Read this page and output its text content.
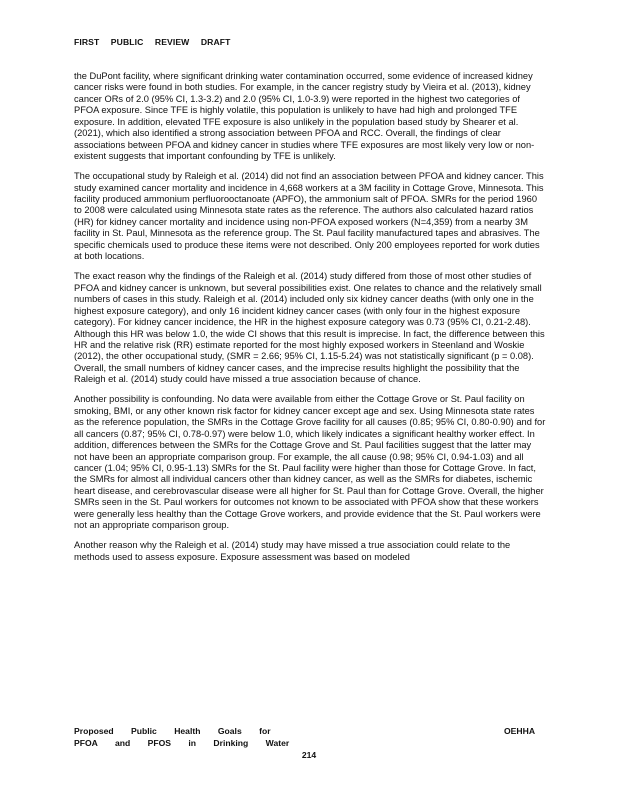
FIRST PUBLIC REVIEW DRAFT

the DuPont facility, where significant drinking water contamination occurred, some evidence of increased kidney cancer risks were found in both studies. For example, in the cancer registry study by Vieira et al. (2013), kidney cancer ORs of 2.0 (95% CI, 1.3-3.2) and 2.0 (95% CI, 1.0-3.9) were reported in the highest two categories of PFOA exposure. Since TFE is highly volatile, this population is unlikely to have had high and prolonged TFE exposure. In addition, elevated TFE exposure is also unlikely in the population based study by Shearer et al. (2021), which also identified a strong association between PFOA and RCC. Overall, the findings of clear associations between PFOA and kidney cancer in studies where TFE exposures are most likely very low or non-existent suggests that important confounding by TFE is unlikely.

The occupational study by Raleigh et al. (2014) did not find an association between PFOA and kidney cancer. This study examined cancer mortality and incidence in 4,668 workers at a 3M facility in Cottage Grove, Minnesota. This facility produced ammonium perfluorooctanoate (APFO), the ammonium salt of PFOA. SMRs for the period 1960 to 2008 were calculated using Minnesota state rates as the reference. The authors also calculated hazard ratios (HR) for kidney cancer mortality and incidence using non-PFOA exposed workers (N=4,359) from a nearby 3M facility in St. Paul, Minnesota as the reference group. The St. Paul facility manufactured tapes and abrasives. The specific chemicals used to produce these items were not described. Only 200 employees reported for work duties at both locations.

The exact reason why the findings of the Raleigh et al. (2014) study differed from those of most other studies of PFOA and kidney cancer is unknown, but several possibilities exist. One relates to chance and the relatively small numbers of cases in this study. Raleigh et al. (2014) included only six kidney cancer deaths (with only one in the highest exposure category), and only 16 incident kidney cancer cases (with only four in the highest exposure category). For kidney cancer incidence, the HR in the highest exposure category was 0.73 (95% CI, 0.21-2.48). Although this HR was below 1.0, the wide CI shows that this result is imprecise. In fact, the difference between this HR and the relative risk (RR) estimate reported for the most highly exposed workers in Steenland and Woskie (2012), the other occupational study, (SMR = 2.66; 95% CI, 1.15-5.24) was not statistically significant (p = 0.08). Overall, the small numbers of kidney cancer cases, and the imprecise results highlight the possibility that the Raleigh et al. (2014) study could have missed a true association because of chance.

Another possibility is confounding. No data were available from either the Cottage Grove or St. Paul facility on smoking, BMI, or any other known risk factor for kidney cancer except age and sex. Using Minnesota state rates as the reference population, the SMRs in the Cottage Grove facility for all causes (0.85; 95% CI, 0.80-0.90) and for all cancers (0.87; 95% CI, 0.78-0.97) were below 1.0, which likely indicates a significant healthy worker effect. In addition, differences between the SMRs for the Cottage Grove and St. Paul facilities suggest that the latter may not have been an appropriate comparison group. For example, the all cause (0.98; 95% CI, 0.94-1.03) and all cancer (1.04; 95% CI, 0.95-1.13) SMRs for the St. Paul facility were higher than those for Cottage Grove. In fact, the SMRs for almost all individual cancers other than kidney cancer, as well as the SMRs for diabetes, ischemic heart disease, and cerebrovascular disease were all higher for St. Paul than for Cottage Grove. Overall, the higher SMRs seen in the St. Paul workers for outcomes not known to be associated with PFOA show that these workers were generally less healthy than the Cottage Grove workers, and provide evidence that the St. Paul workers were not an appropriate comparison group.

Another reason why the Raleigh et al. (2014) study may have missed a true association could relate to the methods used to assess exposure. Exposure assessment was based on modeled

Proposed Public Health Goals for
PFOA and PFOS in Drinking Water
OEHHA
214
